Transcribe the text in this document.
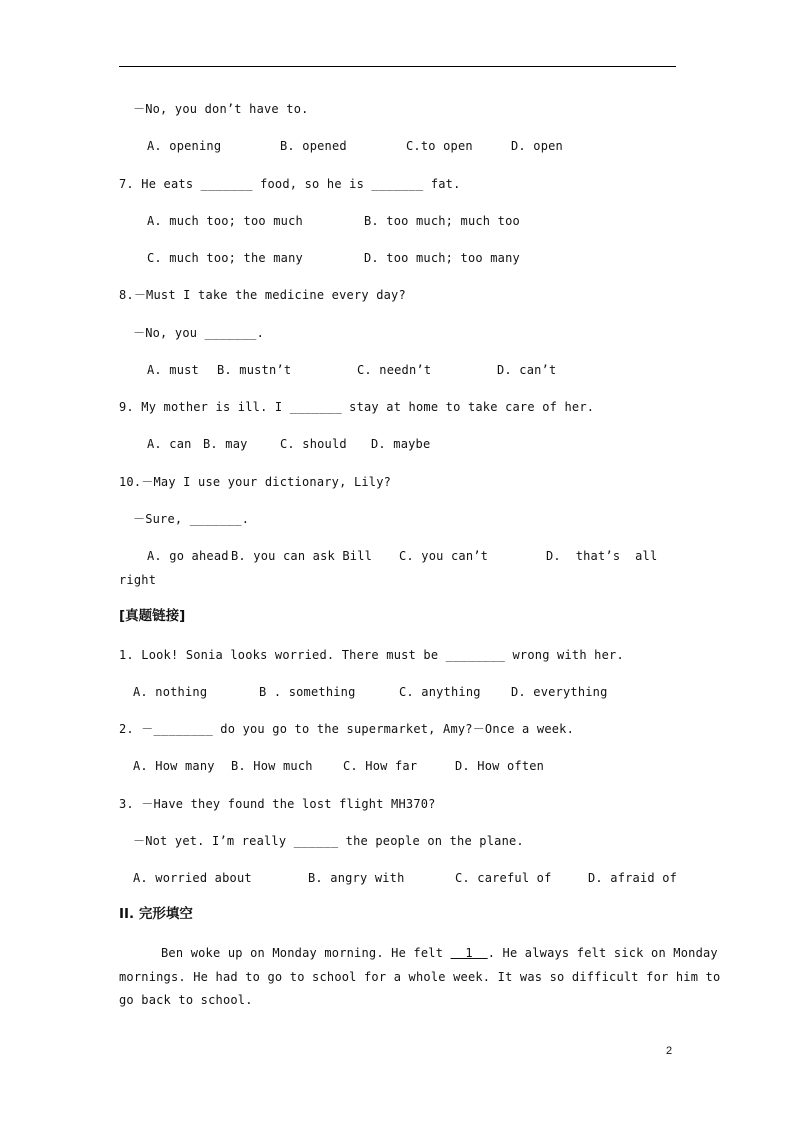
－No, you don’t have to.
A. opening	B. opened	C.to open	D. open
7. He eats _______ food, so he is _______ fat.
A. much too; too much	B. too much; much too
C. much too; the many	D. too much; too many
8.－Must I take the medicine every day?
－No, you _______.
A. must B. mustn’t	C. needn’t	D. can’t
9. My mother is ill. I _______ stay at home to take care of her.
A. can B. may	C. should D. maybe
10.－May I use your dictionary, Lily?
－Sure, _______.
A. go ahead B. you can ask Bill C. you can’t	D.  that’s  all
right
[真题链接]
1. Look! Sonia looks worried. There must be ________ wrong with her.
A. nothing	B . something	C. anything	D. everything
2. －________ do you go to the supermarket, Amy?－Once a week.
A. How many B. How much	C. How far	D. How often
3. －Have they found the lost flight MH370?
－Not yet. I’m really ______ the people on the plane.
A. worried about	B. angry with	C. careful of	D. afraid of
II. 完形填空
Ben woke up on Monday morning. He felt   1  . He always felt sick on Monday
mornings. He had to go to school for a whole week. It was so difficult for him to
go back to school.
2
